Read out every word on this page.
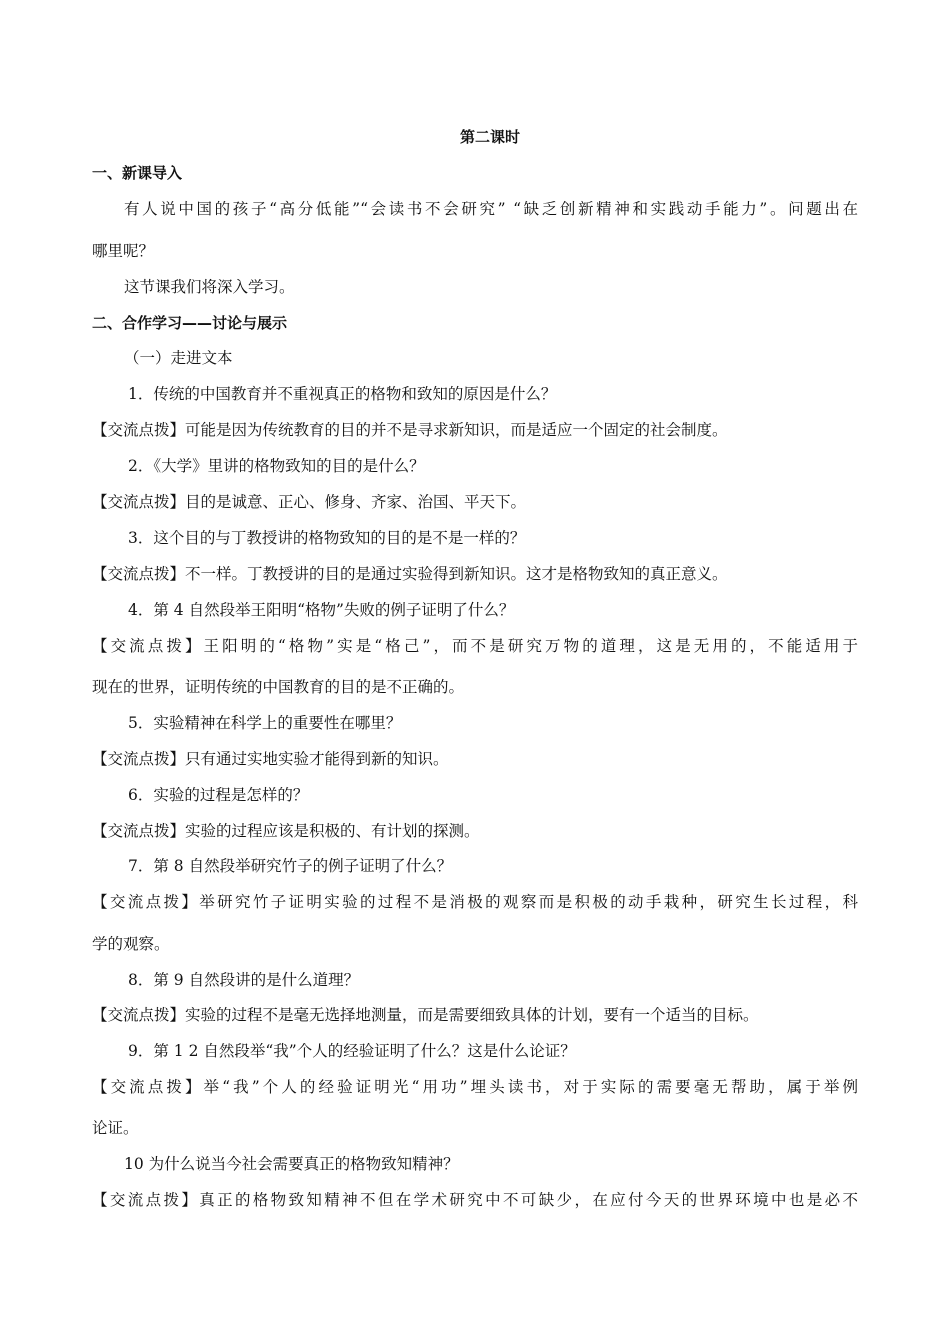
第二课时
一、新课导入
有人说中国的孩子“高分低能”“会读书不会研究” “缺乏创新精神和实践动手能力”。问题出在
哪里呢？
这节课我们将深入学习。
二、合作学习——讨论与展示
（一）走进文本
1．传统的中国教育并不重视真正的格物和致知的原因是什么？
【交流点拨】可能是因为传统教育的目的并不是寻求新知识，而是适应一个固定的社会制度。
2．《大学》里讲的格物致知的目的是什么？
【交流点拨】目的是诚意、正心、修身、齐家、治国、平天下。
3．这个目的与丁教授讲的格物致知的目的是不是一样的？
【交流点拨】不一样。丁教授讲的目的是通过实验得到新知识。这才是格物致知的真正意义。
4．第 4 自然段举王阳明“格物”失败的例子证明了什么？
【交流点拨】王阳明的“格物”实是“格己”，而不是研究万物的道理，这是无用的，不能适用于
现在的世界，证明传统的中国教育的目的是不正确的。
5．实验精神在科学上的重要性在哪里？
【交流点拨】只有通过实地实验才能得到新的知识。
6．实验的过程是怎样的？
【交流点拨】实验的过程应该是积极的、有计划的探测。
7．第 8 自然段举研究竹子的例子证明了什么？
【交流点拨】举研究竹子证明实验的过程不是消极的观察而是积极的动手栽种，研究生长过程，科
学的观察。
8．第 9 自然段讲的是什么道理？
【交流点拨】实验的过程不是毫无选择地测量，而是需要细致具体的计划，要有一个适当的目标。
9．第 1 2 自然段举“我”个人的经验证明了什么？这是什么论证？
【交流点拨】举“我”个人的经验证明光“用功”埋头读书，对于实际的需要毫无帮助，属于举例
论证。
10 为什么说当今社会需要真正的格物致知精神？
【交流点拨】真正的格物致知精神不但在学术研究中不可缺少，在应付今天的世界环境中也是必不
